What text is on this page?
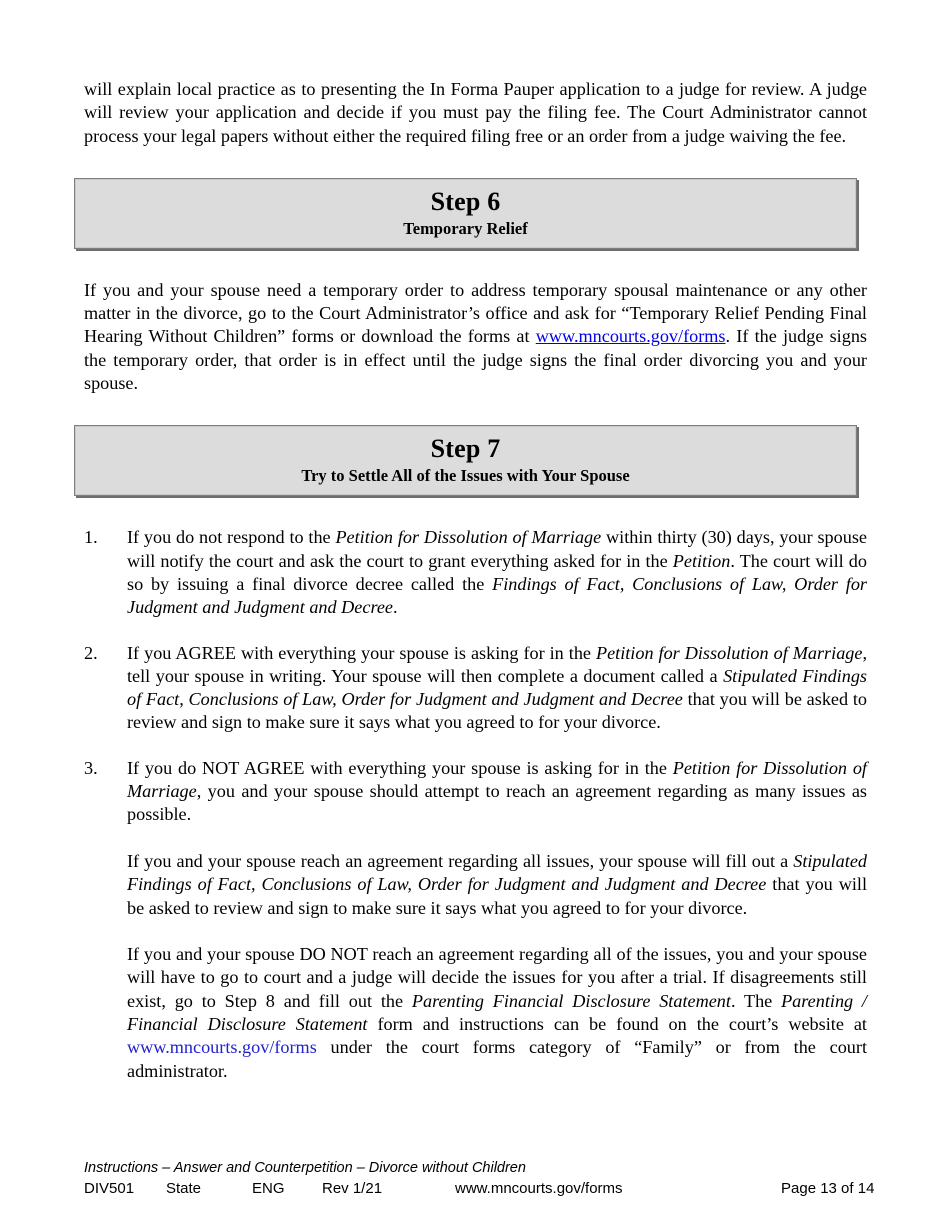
will explain local practice as to presenting the In Forma Pauper application to a judge for review. A judge will review your application and decide if you must pay the filing fee. The Court Administrator cannot process your legal papers without either the required filing free or an order from a judge waiving the fee.

Step 6
Temporary Relief

If you and your spouse need a temporary order to address temporary spousal maintenance or any other matter in the divorce, go to the Court Administrator’s office and ask for “Temporary Relief Pending Final Hearing Without Children” forms or download the forms at www.mncourts.gov/forms. If the judge signs the temporary order, that order is in effect until the judge signs the final order divorcing you and your spouse.

Step 7
Try to Settle All of the Issues with Your Spouse
1.	If you do not respond to the Petition for Dissolution of Marriage within thirty (30) days, your spouse will notify the court and ask the court to grant everything asked for in the Petition. The court will do so by issuing a final divorce decree called the Findings of Fact, Conclusions of Law, Order for Judgment and Judgment and Decree.

2.	If you AGREE with everything your spouse is asking for in the Petition for Dissolution of Marriage, tell your spouse in writing. Your spouse will then complete a document called a Stipulated Findings of Fact, Conclusions of Law, Order for Judgment and Judgment and Decree that you will be asked to review and sign to make sure it says what you agreed to for your divorce.

3.	If you do NOT AGREE with everything your spouse is asking for in the Petition for Dissolution of Marriage, you and your spouse should attempt to reach an agreement regarding as many issues as possible.

If you and your spouse reach an agreement regarding all issues, your spouse will fill out a Stipulated Findings of Fact, Conclusions of Law, Order for Judgment and Judgment and Decree that you will be asked to review and sign to make sure it says what you agreed to for your divorce.

If you and your spouse DO NOT reach an agreement regarding all of the issues, you and your spouse will have to go to court and a judge will decide the issues for you after a trial. If disagreements still exist, go to Step 8 and fill out the Parenting Financial Disclosure Statement. The Parenting / Financial Disclosure Statement form and instructions can be found on the court’s website at www.mncourts.gov/forms under the court forms category of “Family” or from the court administrator.

Instructions – Answer and Counterpetition – Divorce without Children
DIV501 State	ENG Rev 1/21	www.mncourts.gov/forms	Page 13 of 14
